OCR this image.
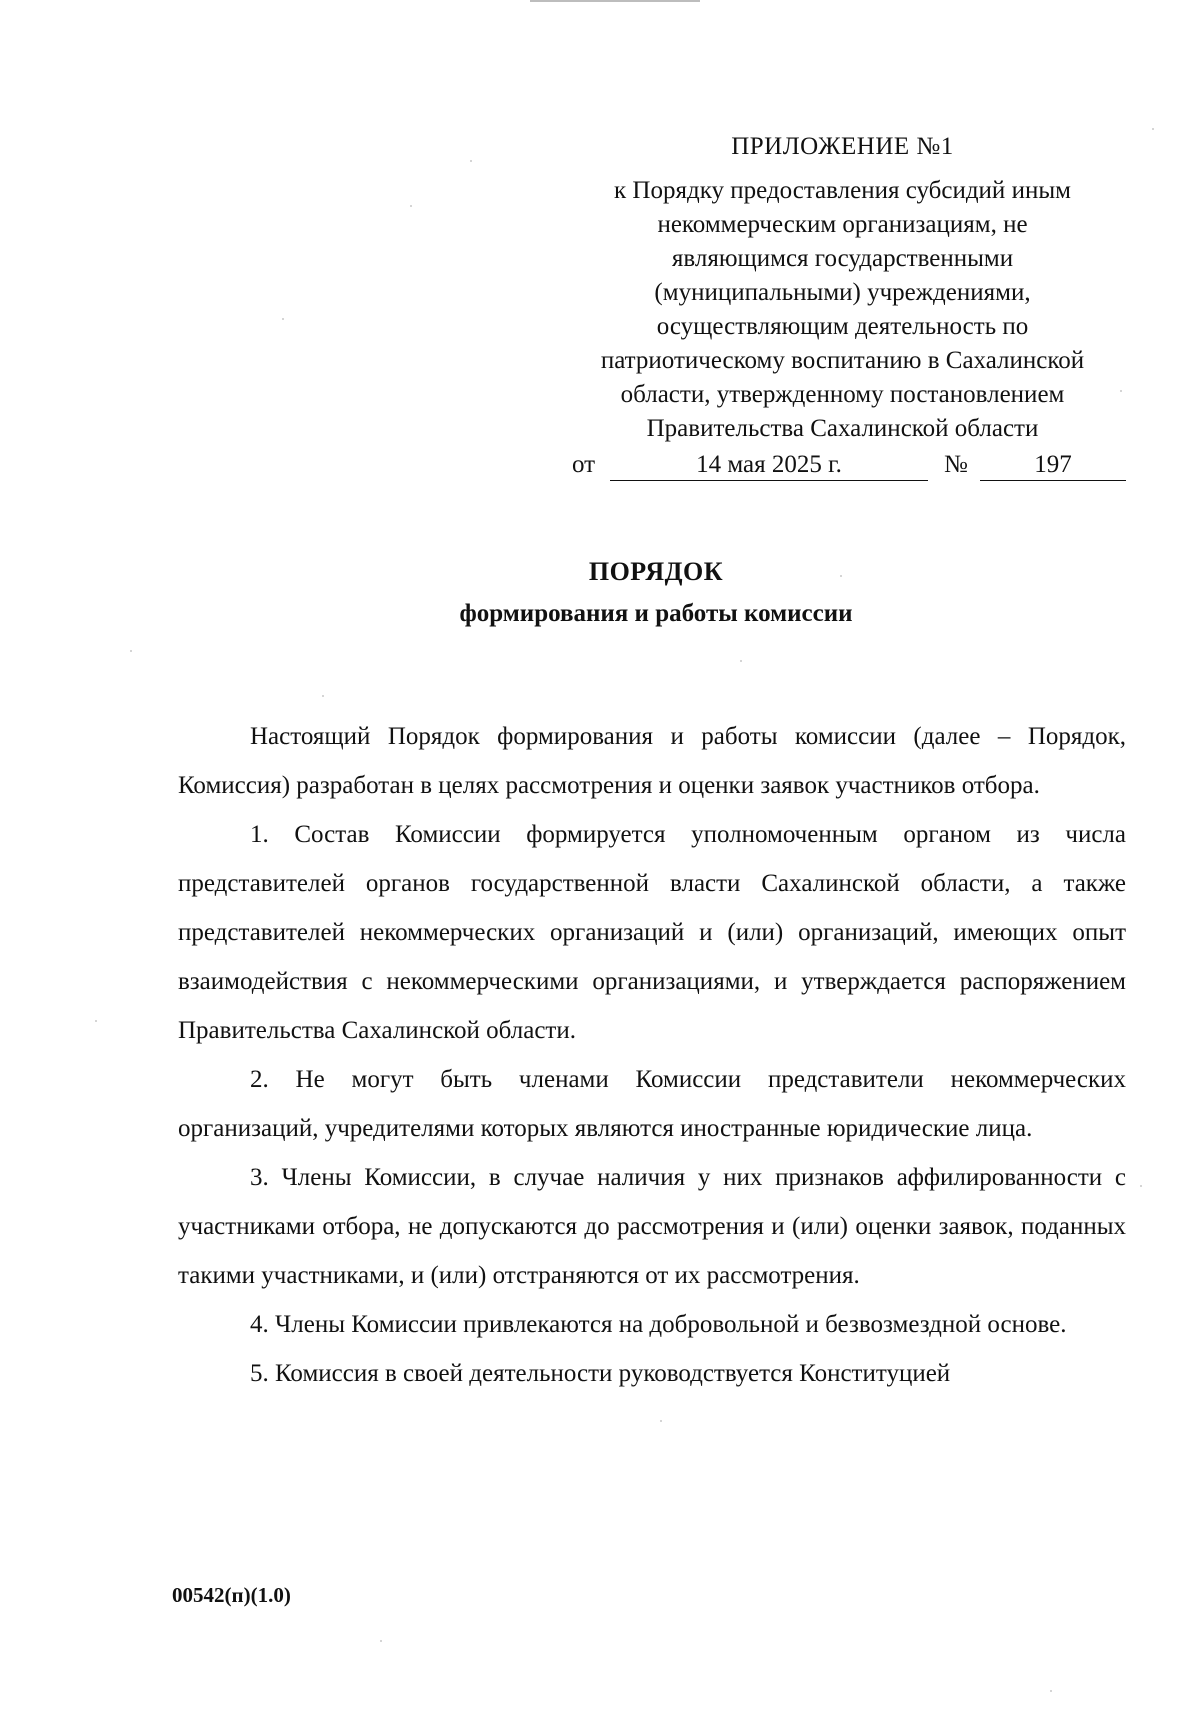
ПРИЛОЖЕНИЕ №1
к Порядку предоставления субсидий иным
некоммерческим организациям, не
являющимся государственными
(муниципальными) учреждениями,
осуществляющим деятельность по
патриотическому воспитанию в Сахалинской
области, утвержденному постановлением
Правительства Сахалинской области
от	14 мая 2025 г.	№	197
ПОРЯДОК
формирования и работы комиссии

Настоящий Порядок формирования и работы комиссии (далее – Порядок, Комиссия) разработан в целях рассмотрения и оценки заявок участников отбора.

1. Состав Комиссии формируется уполномоченным органом из числа представителей органов государственной власти Сахалинской области, а также представителей некоммерческих организаций и (или) организаций, имеющих опыт взаимодействия с некоммерческими организациями, и утверждается распоряжением Правительства Сахалинской области.

2. Не могут быть членами Комиссии представители некоммерческих организаций, учредителями которых являются иностранные юридические лица.

3. Члены Комиссии, в случае наличия у них признаков аффилированности с участниками отбора, не допускаются до рассмотрения и (или) оценки заявок, поданных такими участниками, и (или) отстраняются от их рассмотрения.

4. Члены Комиссии привлекаются на добровольной и безвозмездной основе.

5. Комиссия в своей деятельности руководствуется Конституцией

00542(п)(1.0)
